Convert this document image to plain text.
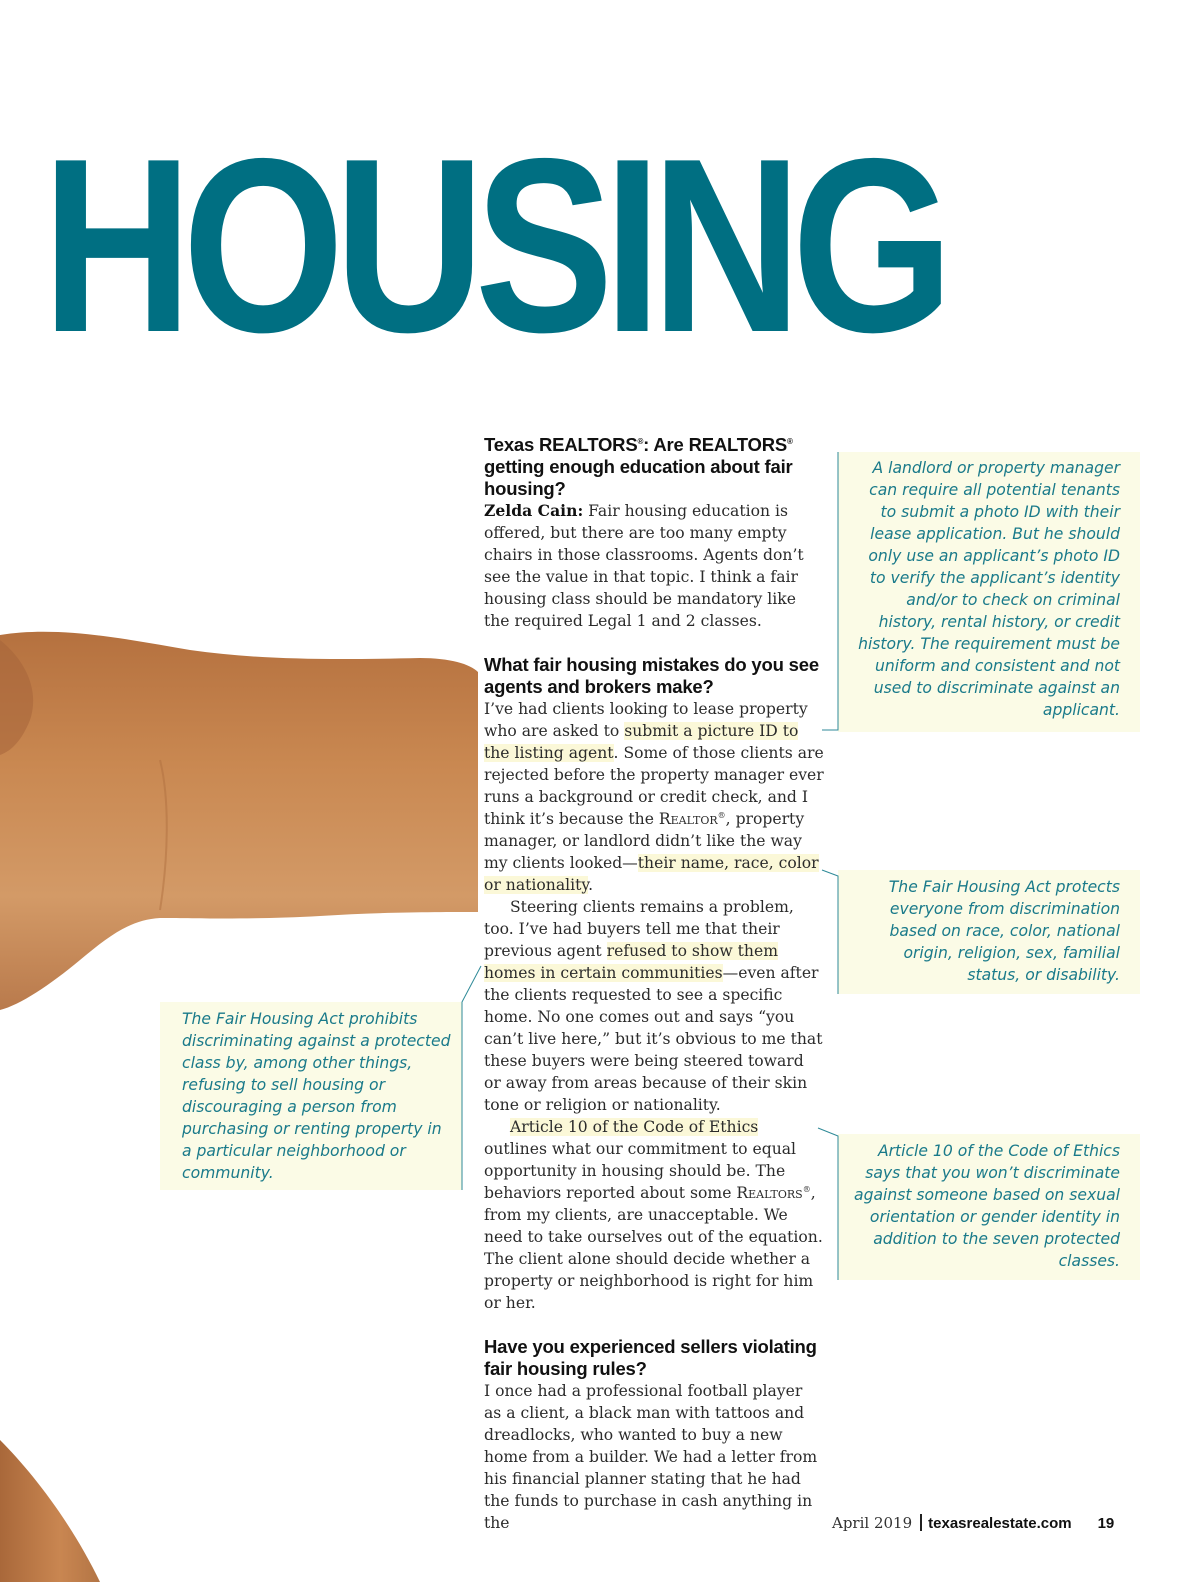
HOUSING
Texas REALTORS®: Are REALTORS® getting enough education about fair housing?

Zelda Cain: Fair housing education is offered, but there are too many empty chairs in those classrooms. Agents don’t see the value in that topic. I think a fair housing class should be mandatory like the required Legal 1 and 2 classes.

What fair housing mistakes do you see agents and brokers make?

I’ve had clients looking to lease property who are asked to submit a picture ID to the listing agent. Some of those clients are rejected before the property manager ever runs a background or credit check, and I think it’s because the Realtor®, property manager, or landlord didn’t like the way my clients looked—their name, race, color or nationality.

Steering clients remains a problem, too. I’ve had buyers tell me that their previous agent refused to show them homes in certain communities—even after the clients requested to see a specific home. No one comes out and says “you can’t live here,” but it’s obvious to me that these buyers were being steered toward or away from areas because of their skin tone or religion or nationality.

Article 10 of the Code of Ethics outlines what our commitment to equal opportunity in housing should be. The behaviors reported about some Realtors®, from my clients, are unacceptable. We need to take ourselves out of the equation. The client alone should decide whether a property or neighborhood is right for him or her.

Have you experienced sellers violating fair housing rules?

I once had a professional football player as a client, a black man with tattoos and dreadlocks, who wanted to buy a new home from a builder. We had a letter from his financial planner stating that he had the funds to purchase in cash anything in the

A landlord or property manager can require all potential tenants to submit a photo ID with their lease application. But he should only use an applicant’s photo ID to verify the applicant’s identity and/or to check on criminal history, rental history, or credit history. The requirement must be uniform and consistent and not used to discriminate against an applicant.
The Fair Housing Act protects everyone from discrimination based on race, color, national origin, religion, sex, familial status, or disability.
Article 10 of the Code of Ethics says that you won’t discriminate against someone based on sexual orientation or gender identity in addition to the seven protected classes.
The Fair Housing Act prohibits discriminating against a protected class by, among other things, refusing to sell housing or discouraging a person from purchasing or renting property in a particular neighborhood or community.
April 2019 texasrealestate.com 19
